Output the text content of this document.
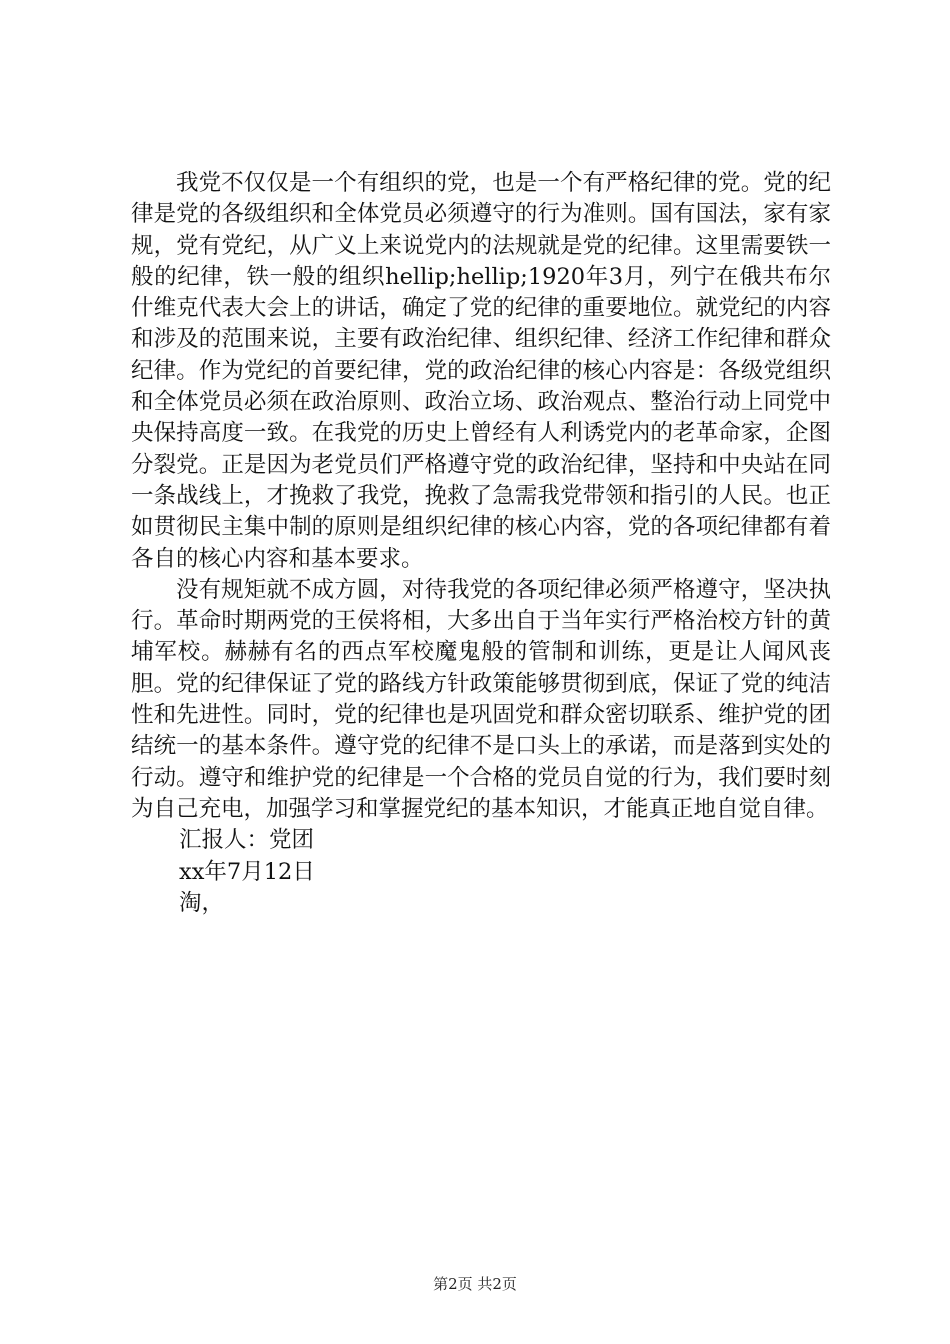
我党不仅仅是一个有组织的党，也是一个有严格纪律的党。党的纪律是党的各级组织和全体党员必须遵守的行为准则。国有国法，家有家规，党有党纪，从广义上来说党内的法规就是党的纪律。这里需要铁一般的纪律，铁一般的组织hellip;hellip;1920年3月，列宁在俄共布尔什维克代表大会上的讲话，确定了党的纪律的重要地位。就党纪的内容和涉及的范围来说，主要有政治纪律、组织纪律、经济工作纪律和群众纪律。作为党纪的首要纪律，党的政治纪律的核心内容是：各级党组织和全体党员必须在政治原则、政治立场、政治观点、整治行动上同党中央保持高度一致。在我党的历史上曾经有人利诱党内的老革命家，企图分裂党。正是因为老党员们严格遵守党的政治纪律，坚持和中央站在同一条战线上，才挽救了我党，挽救了急需我党带领和指引的人民。也正如贯彻民主集中制的原则是组织纪律的核心内容，党的各项纪律都有着各自的核心内容和基本要求。

没有规矩就不成方圆，对待我党的各项纪律必须严格遵守，坚决执行。革命时期两党的王侯将相，大多出自于当年实行严格治校方针的黄埔军校。赫赫有名的西点军校魔鬼般的管制和训练，更是让人闻风丧胆。党的纪律保证了党的路线方针政策能够贯彻到底，保证了党的纯洁性和先进性。同时，党的纪律也是巩固党和群众密切联系、维护党的团结统一的基本条件。遵守党的纪律不是口头上的承诺，而是落到实处的行动。遵守和维护党的纪律是一个合格的党员自觉的行为，我们要时刻为自己充电，加强学习和掌握党纪的基本知识，才能真正地自觉自律。

汇报人：党团

xx年7月12日

淘，

第2页 共2页
